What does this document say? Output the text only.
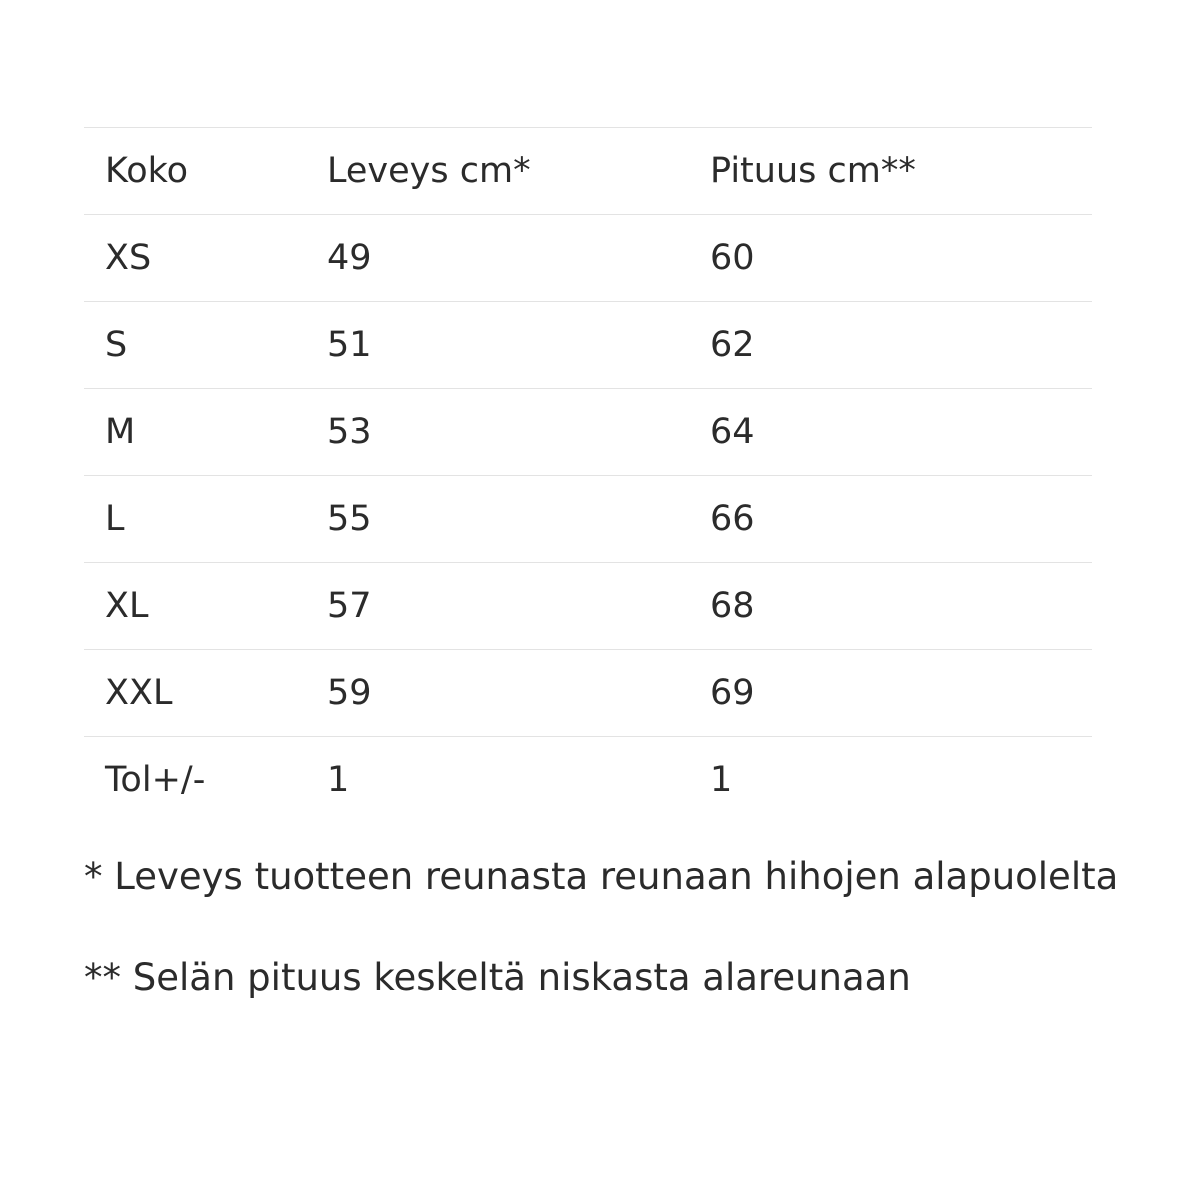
Koko	Leveys cm*	Pituus cm**
XS	49	60
S	51	62
M	53	64
L	55	66
XL	57	68
XXL	59	69
Tol+/-	1	1

* Leveys tuotteen reunasta reunaan hihojen alapuolelta

** Selän pituus keskeltä niskasta alareunaan
